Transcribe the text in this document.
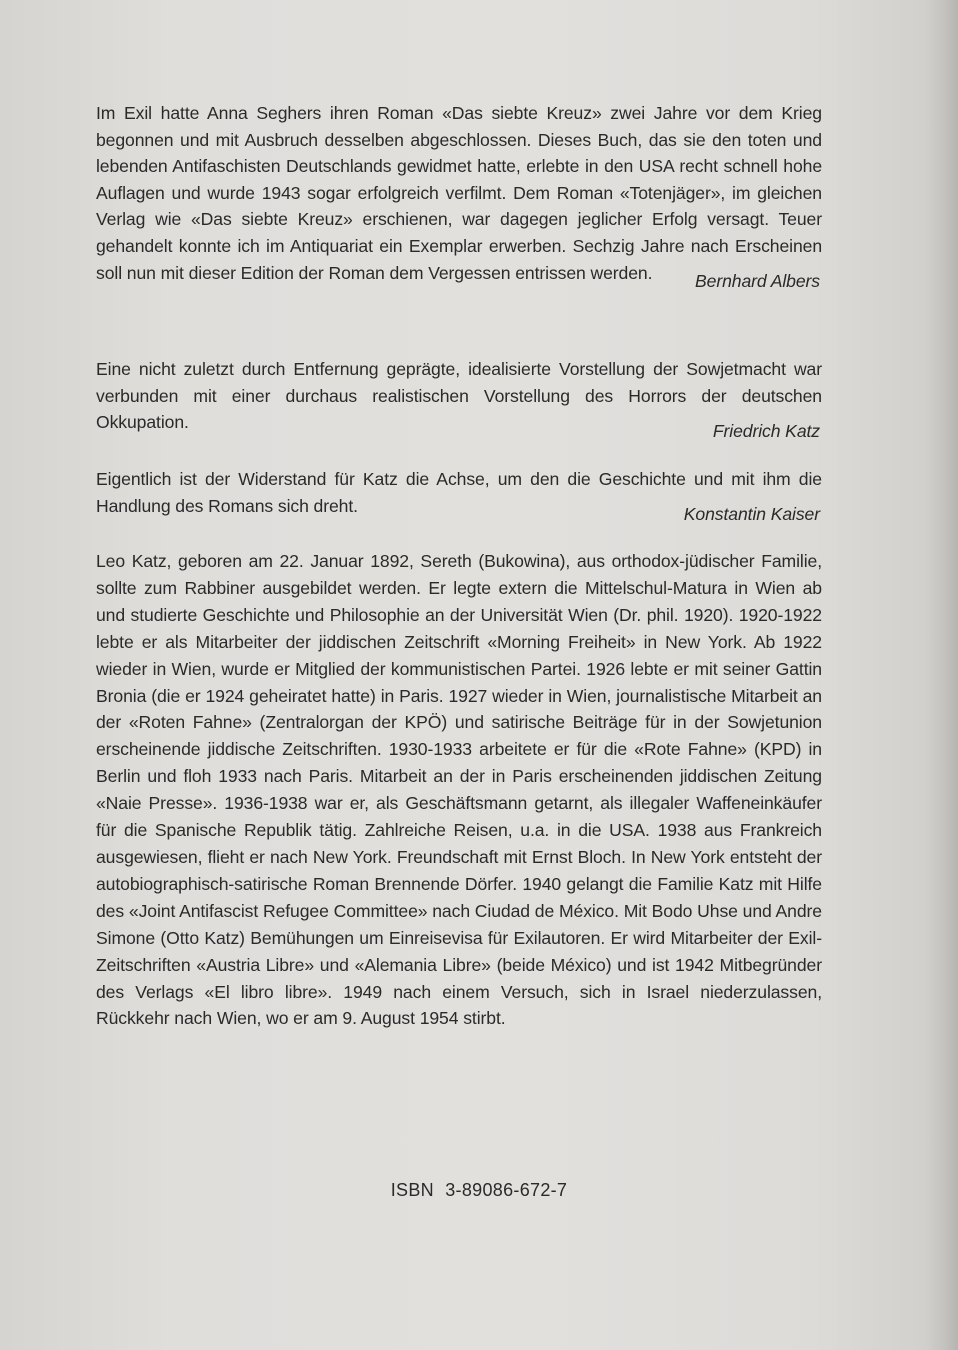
Im Exil hatte Anna Seghers ihren Roman «Das siebte Kreuz» zwei Jahre vor dem Krieg begonnen und mit Ausbruch desselben abgeschlossen. Dieses Buch, das sie den toten und lebenden Antifaschisten Deutschlands gewidmet hatte, erlebte in den USA recht schnell hohe Auflagen und wurde 1943 sogar erfolgreich verfilmt. Dem Roman «Totenjäger», im gleichen Verlag wie «Das siebte Kreuz» erschienen, war dagegen jeglicher Erfolg versagt. Teuer gehandelt konnte ich im Antiquariat ein Exemplar erwerben. Sechzig Jahre nach Erscheinen soll nun mit dieser Edition der Roman dem Vergessen entrissen werden.	Bernhard Albers

Eine nicht zuletzt durch Entfernung geprägte, idealisierte Vorstellung der Sowjetmacht war verbunden mit einer durchaus realistischen Vorstellung des Horrors der deutschen Okkupation.	Friedrich Katz

Eigentlich ist der Widerstand für Katz die Achse, um den die Geschichte und mit ihm die Handlung des Romans sich dreht.	Konstantin Kaiser

Leo Katz, geboren am 22. Januar 1892, Sereth (Bukowina), aus orthodox-jüdischer Familie, sollte zum Rabbiner ausgebildet werden. Er legte extern die Mittelschul-Matura in Wien ab und studierte Geschichte und Philosophie an der Universität Wien (Dr. phil. 1920). 1920-1922 lebte er als Mitarbeiter der jiddischen Zeitschrift «Morning Freiheit» in New York. Ab 1922 wieder in Wien, wurde er Mitglied der kommunistischen Partei. 1926 lebte er mit seiner Gattin Bronia (die er 1924 geheiratet hatte) in Paris. 1927 wieder in Wien, journalistische Mitarbeit an der «Roten Fahne» (Zentralorgan der KPÖ) und satirische Beiträge für in der Sowjetunion erscheinende jiddische Zeitschriften. 1930-1933 arbeitete er für die «Rote Fahne» (KPD) in Berlin und floh 1933 nach Paris. Mitarbeit an der in Paris erscheinenden jiddischen Zeitung «Naie Presse». 1936-1938 war er, als Geschäftsmann getarnt, als illegaler Waffeneinkäufer für die Spanische Republik tätig. Zahlreiche Reisen, u.a. in die USA. 1938 aus Frankreich ausgewiesen, flieht er nach New York. Freundschaft mit Ernst Bloch. In New York entsteht der autobiographisch-satirische Roman Brennende Dörfer. 1940 gelangt die Familie Katz mit Hilfe des «Joint Antifascist Refugee Committee» nach Ciudad de México. Mit Bodo Uhse und Andre Simone (Otto Katz) Bemühungen um Einreisevisa für Exilautoren. Er wird Mitarbeiter der Exil-Zeitschriften «Austria Libre» und «Alemania Libre» (beide México) und ist 1942 Mitbegründer des Verlags «El libro libre». 1949 nach einem Versuch, sich in Israel niederzulassen, Rückkehr nach Wien, wo er am 9. August 1954 stirbt.

ISBN 3-89086-672-7
